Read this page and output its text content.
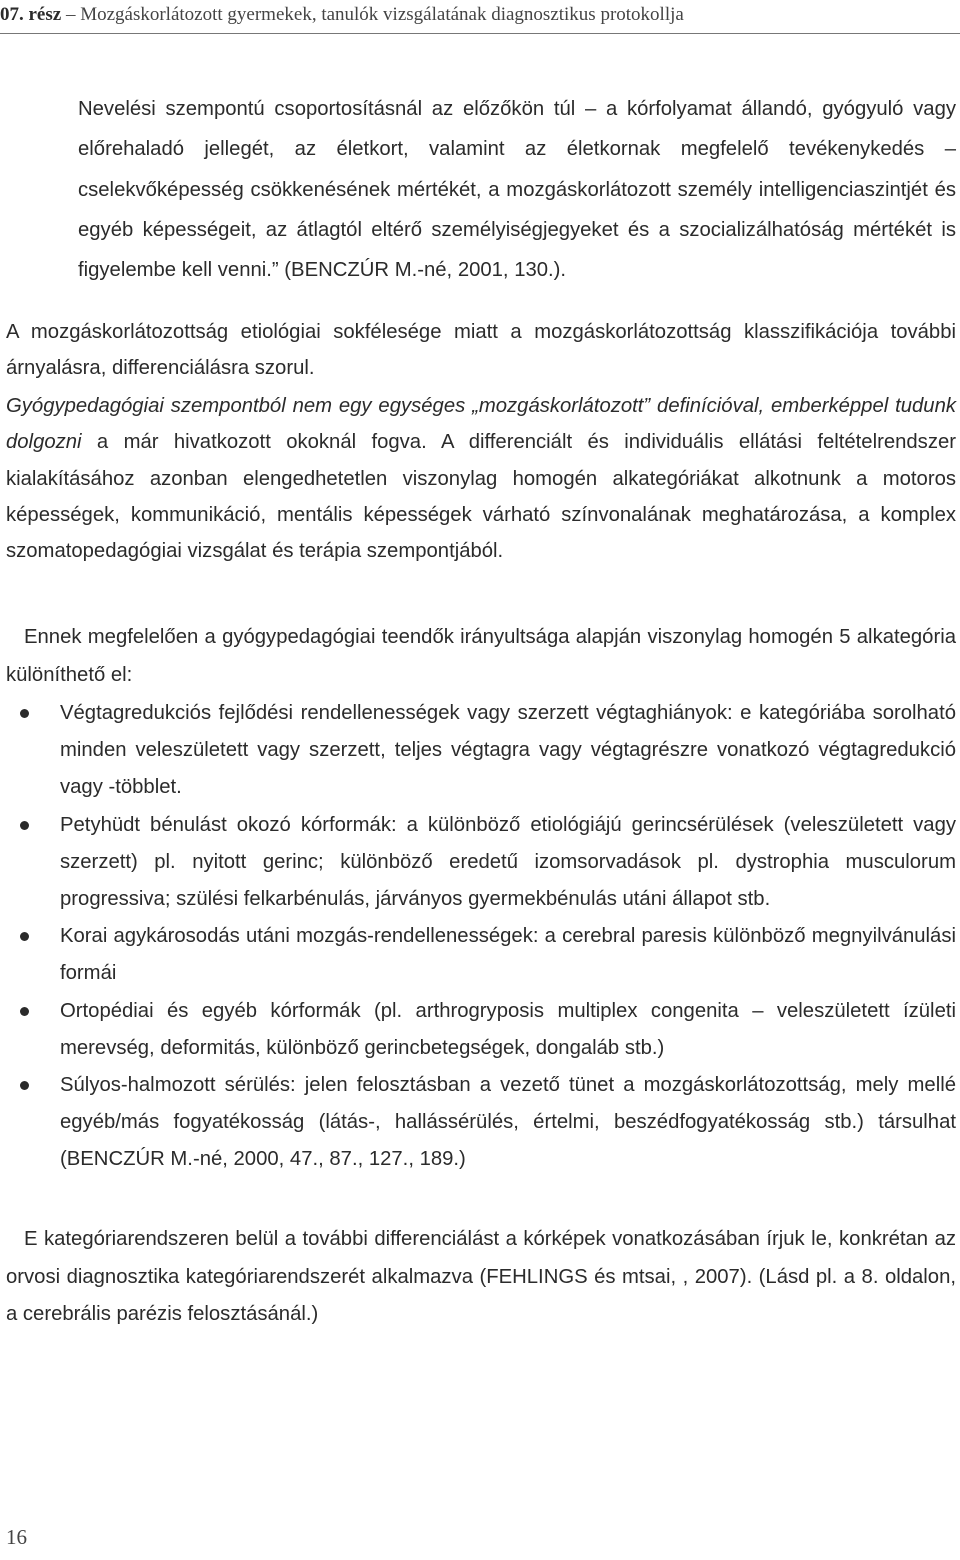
07. rész – Mozgáskorlátozott gyermekek, tanulók vizsgálatának diagnosztikus protokollja
Nevelési szempontú csoportosításnál az előzőkön túl – a kórfolyamat állandó, gyógyuló vagy előrehaladó jellegét, az életkort, valamint az életkornak megfelelő tevékenykedés – cselekvőképesség csökkenésének mértékét, a mozgáskorlátozott személy intelligenciaszintjét és egyéb képességeit, az átlagtól eltérő személyiségjegyeket és a szocializálhatóság mértékét is figyelembe kell venni.” (BENCZÚR M.-né, 2001, 130.).
A mozgáskorlátozottság etiológiai sokfélesége miatt a mozgáskorlátozottság klasszifikációja további árnyalásra, differenciálásra szorul.
Gyógypedagógiai szempontból nem egy egységes „mozgáskorlátozott” definícióval, emberképpel tudunk dolgozni a már hivatkozott okoknál fogva. A differenciált és individuális ellátási feltételrendszer kialakításához azonban elengedhetetlen viszonylag homogén alkategóriákat alkotnunk a motoros képességek, kommunikáció, mentális képességek várható színvonalának meghatározása, a komplex szomatopedagógiai vizsgálat és terápia szempontjából.
Ennek megfelelően a gyógypedagógiai teendők irányultsága alapján viszonylag homogén 5 alkategória különíthető el:
Végtagredukciós fejlődési rendellenességek vagy szerzett végtaghiányok: e kategóriába sorolható minden veleszületett vagy szerzett, teljes végtagra vagy végtagrészre vonatkozó végtagredukció vagy -többlet.
Petyhüdt bénulást okozó kórformák: a különböző etiológiájú gerincsérülések (veleszületett vagy szerzett) pl. nyitott gerinc; különböző eredetű izomsorvadások pl. dystrophia musculorum progressiva; szülési felkarbénulás, járványos gyermekbénulás utáni állapot stb.
Korai agykárosodás utáni mozgás-rendellenességek: a cerebral paresis különböző megnyilvánulási formái
Ortopédiai és egyéb kórformák (pl. arthrogryposis multiplex congenita – veleszületett ízületi merevség, deformitás, különböző gerincbetegségek, dongaláb stb.)
Súlyos-halmozott sérülés: jelen felosztásban a vezető tünet a mozgáskorlátozottság, mely mellé egyéb/más fogyatékosság (látás-, hallássérülés, értelmi, beszédfogyatékosság stb.) társulhat (BENCZÚR M.-né, 2000, 47., 87., 127., 189.)
E kategóriarendszeren belül a további differenciálást a kórképek vonatkozásában írjuk le, konkrétan az orvosi diagnosztika kategóriarendszerét alkalmazva (FEHLINGS és mtsai, , 2007). (Lásd pl. a 8. oldalon, a cerebrális parézis felosztásánál.)
16
